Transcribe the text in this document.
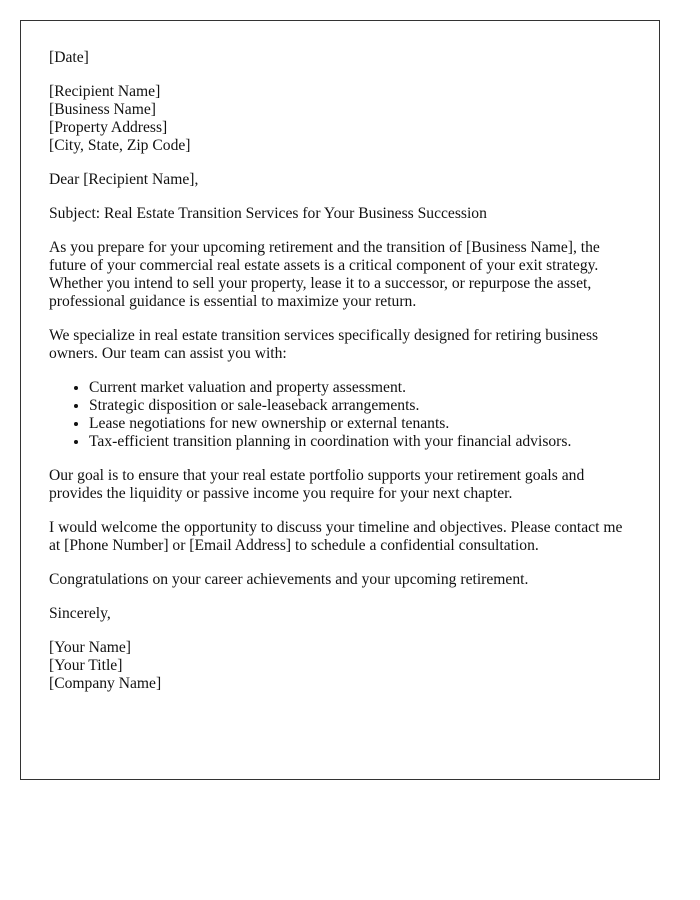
[Date]

[Recipient Name]
[Business Name]
[Property Address]
[City, State, Zip Code]

Dear [Recipient Name],

Subject: Real Estate Transition Services for Your Business Succession

As you prepare for your upcoming retirement and the transition of [Business Name], the future of your commercial real estate assets is a critical component of your exit strategy. Whether you intend to sell your property, lease it to a successor, or repurpose the asset, professional guidance is essential to maximize your return.

We specialize in real estate transition services specifically designed for retiring business owners. Our team can assist you with:

• Current market valuation and property assessment.
• Strategic disposition or sale-leaseback arrangements.
• Lease negotiations for new ownership or external tenants.
• Tax-efficient transition planning in coordination with your financial advisors.

Our goal is to ensure that your real estate portfolio supports your retirement goals and provides the liquidity or passive income you require for your next chapter.

I would welcome the opportunity to discuss your timeline and objectives. Please contact me at [Phone Number] or [Email Address] to schedule a confidential consultation.

Congratulations on your career achievements and your upcoming retirement.

Sincerely,

[Your Name]
[Your Title]
[Company Name]
